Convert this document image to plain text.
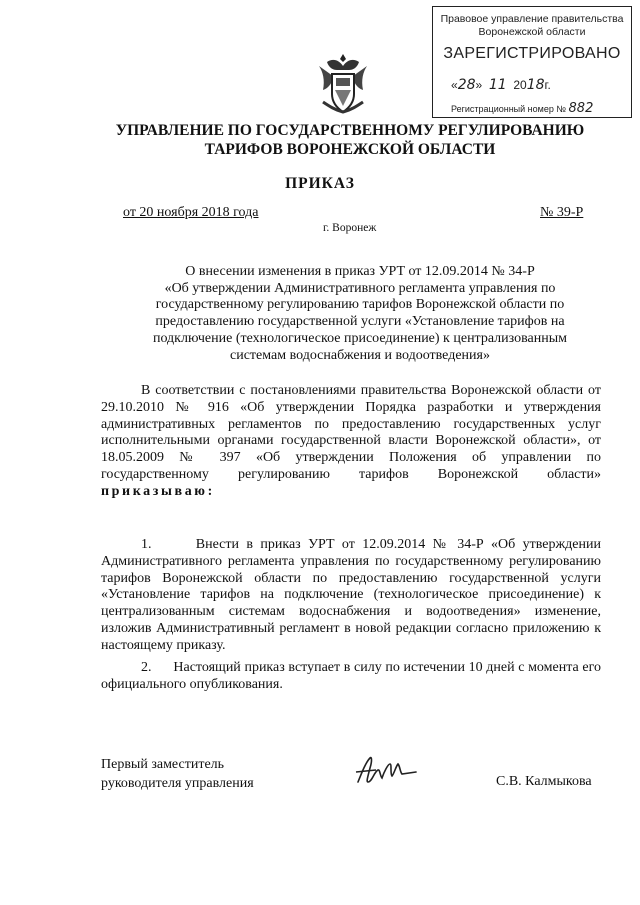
Правовое управление правительства
Воронежской области
ЗАРЕГИСТРИРОВАНО
«28»  11 2018г.
Регистрационный номер № 882
УПРАВЛЕНИЕ ПО ГОСУДАРСТВЕННОМУ РЕГУЛИРОВАНИЮ
ТАРИФОВ ВОРОНЕЖСКОЙ ОБЛАСТИ
ПРИКАЗ
от 20 ноября 2018 года	№ 39-Р
г. Воронеж
О внесении изменения в приказ УРТ от 12.09.2014 № 34-Р
«Об утверждении Административного регламента управления по
государственному регулированию тарифов Воронежской области по
предоставлению государственной услуги «Установление тарифов на
подключение (технологическое присоединение) к централизованным
системам водоснабжения и водоотведения»

В соответствии с постановлениями правительства Воронежской области от 29.10.2010 № 916 «Об утверждении Порядка разработки и утверждения административных регламентов по предоставлению государственных услуг исполнительными органами государственной власти Воронежской области», от 18.05.2009 № 397 «Об утверждении Положения об управлении по государственному регулированию тарифов Воронежской области» приказываю:

1.      Внести в приказ УРТ от 12.09.2014 № 34-Р «Об утверждении Административного регламента управления по государственному регулированию тарифов Воронежской области по предоставлению государственной услуги «Установление тарифов на подключение (технологическое присоединение) к централизованным системам водоснабжения и водоотведения» изменение, изложив Административный регламент в новой редакции согласно приложению к настоящему приказу.

2.      Настоящий приказ вступает в силу по истечении 10 дней с момента его официального опубликования.

Первый заместитель
руководителя управления	С.В. Калмыкова
